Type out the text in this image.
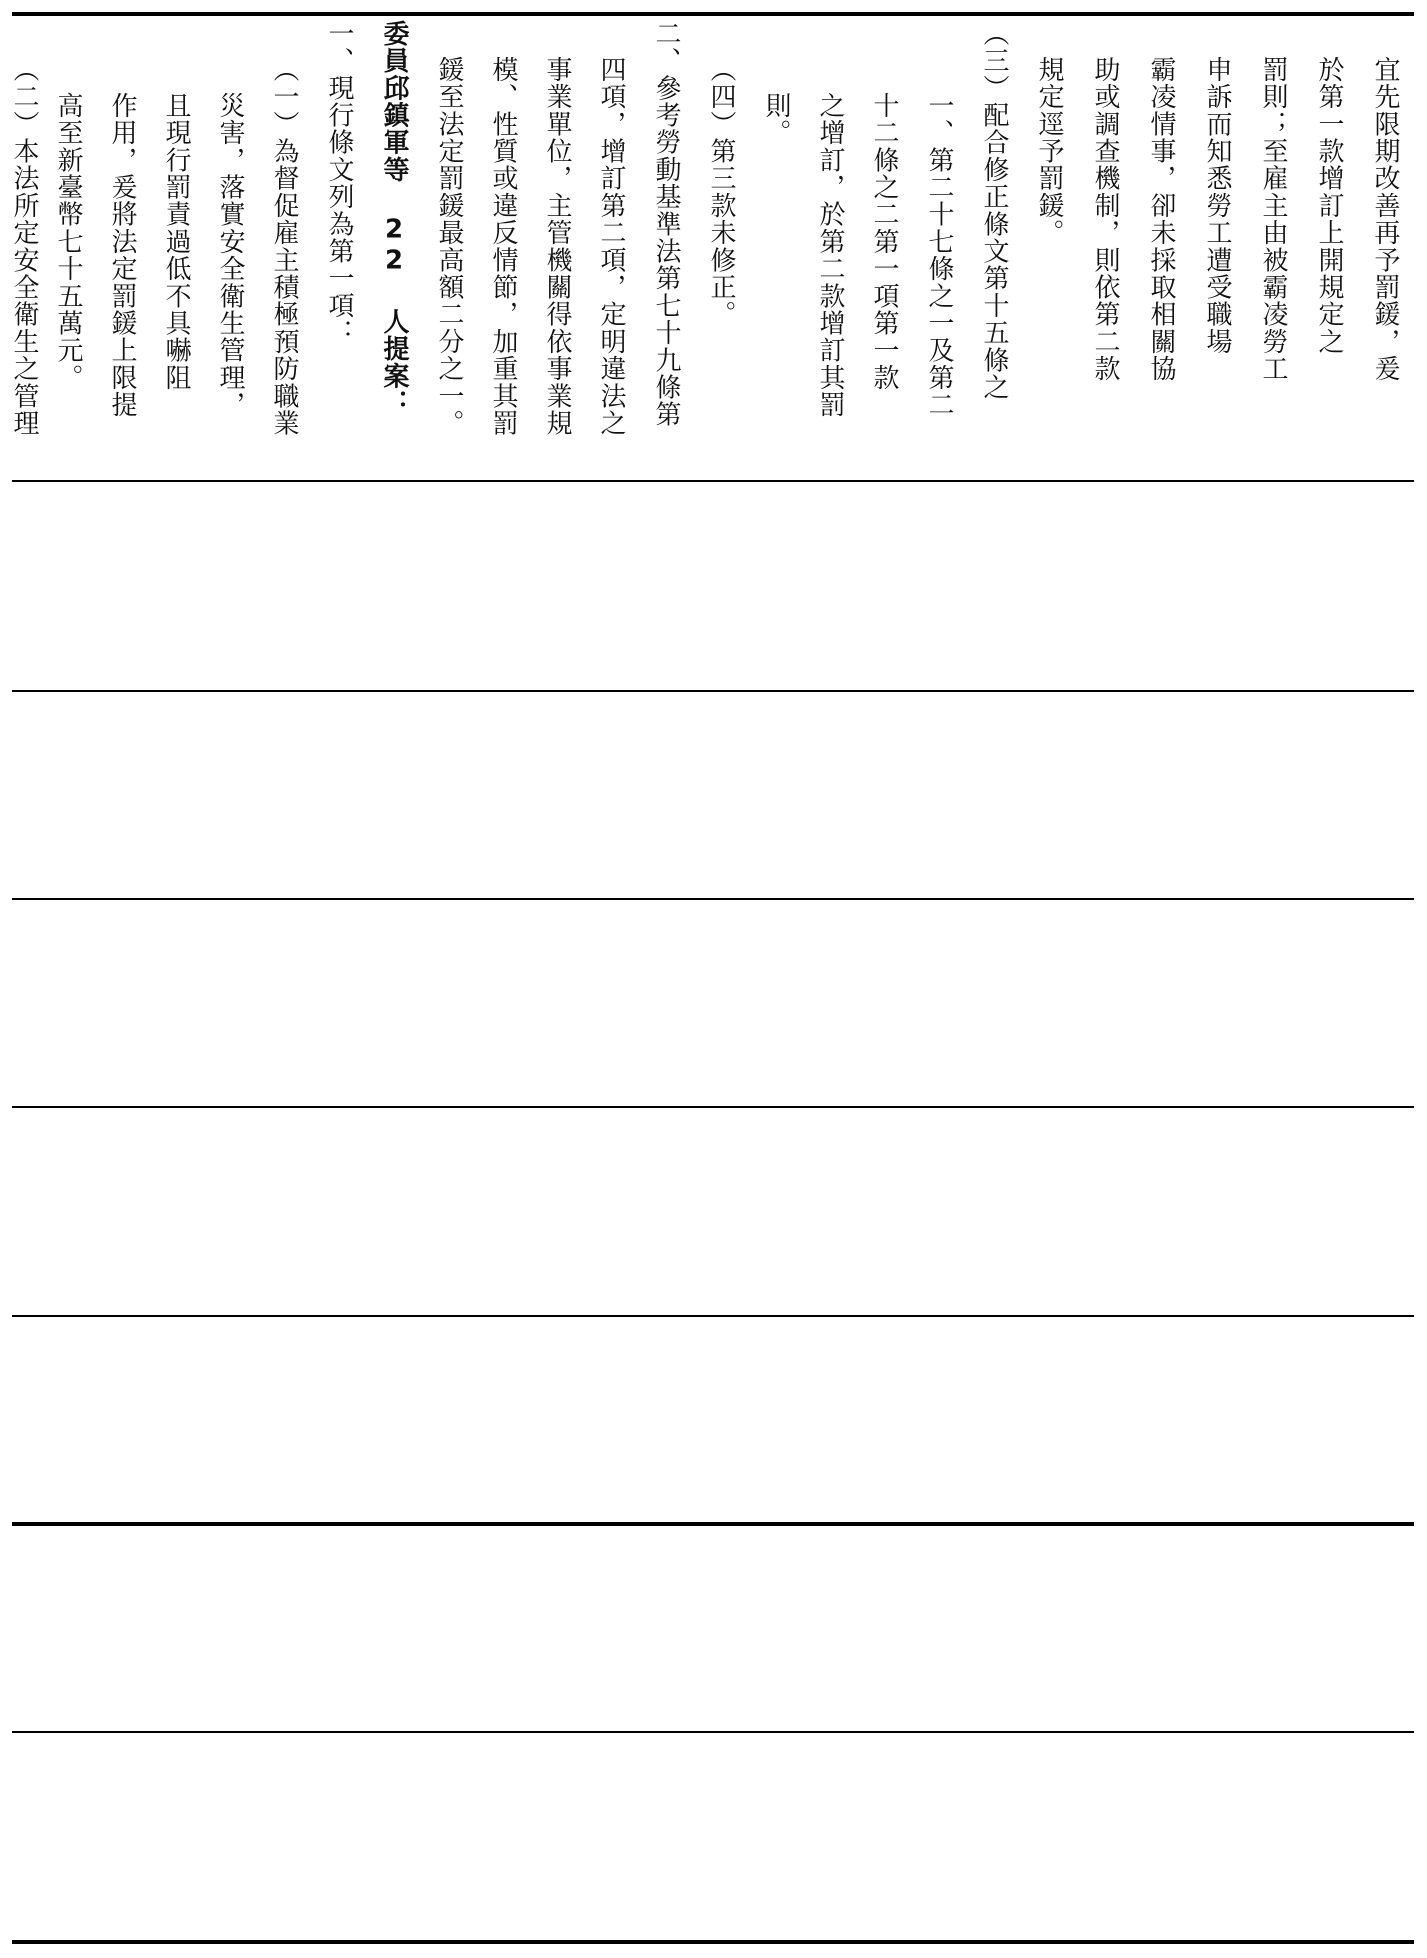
宜先限期改善再予罰鍰，爰
於第一款增訂上開規定之
罰則；至雇主由被霸凌勞工
申訴而知悉勞工遭受職場
霸凌情事，卻未採取相關協
助或調查機制，則依第二款
規定逕予罰鍰。
（三）配合修正條文第十五條之
一、第二十七條之一及第二
十二條之二第一項第一款
之增訂，於第二款增訂其罰
則。
（四）第三款未修正。
二、參考勞動基準法第七十九條第
四項，增訂第二項，定明違法之
事業單位，主管機關得依事業規
模、性質或違反情節，加重其罰
鍰至法定罰鍰最高額二分之一。
委員邱鎮軍等 22 人提案：
一、現行條文列為第一項：
（一）為督促雇主積極預防職業
災害，落實安全衛生管理，
且現行罰責過低不具嚇阻
作用，爰將法定罰鍰上限提
高至新臺幣七十五萬元。
（二）本法所定安全衛生之管理
